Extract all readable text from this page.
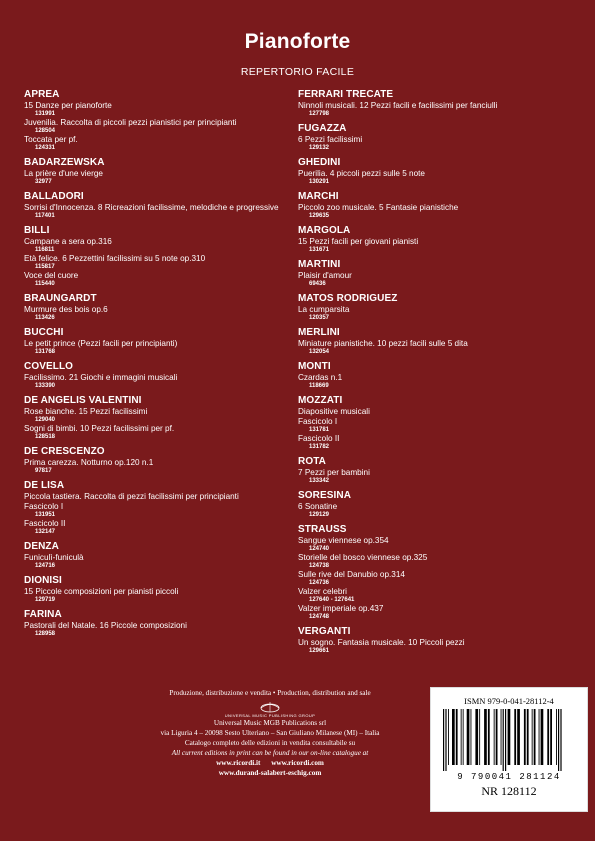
Pianoforte
REPERTORIO FACILE
APREA
15 Danze per pianoforte
131991
Juvenilia. Raccolta di piccoli pezzi pianistici per principianti
128504
Toccata per pf.
124331
BADARZEWSKA
La prière d'une vierge
32977
BALLADORI
Sorrisi d'Innocenza. 8 Ricreazioni facilissime, melodiche e progressive
117401
BILLI
Campane a sera op.316
116811
Età felice. 6 Pezzettini facilissimi su 5 note op.310
115817
Voce del cuore
115440
BRAUNGARDT
Murmure des bois op.6
113426
BUCCHI
Le petit prince (Pezzi facili per principianti)
131768
COVELLO
Facilissimo. 21 Giochi e immagini musicali
133390
DE ANGELIS VALENTINI
Rose bianche. 15 Pezzi facilissimi
129040
Sogni di bimbi. 10 Pezzi facilissimi per pf.
128518
DE CRESCENZO
Prima carezza. Notturno op.120 n.1
97817
DE LISA
Piccola tastiera. Raccolta di pezzi facilissimi per principianti
Fascicolo I
131951
Fascicolo II
132147
DENZA
Funiculì-funiculà
124716
DIONISI
15 Piccole composizioni per pianisti piccoli
129719
FARINA
Pastorali del Natale. 16 Piccole composizioni
128958
FERRARI TRECATE
Ninnoli musicali. 12 Pezzi facili e facilissimi per fanciulli
127798
FUGAZZA
6 Pezzi facilissimi
129132
GHEDINI
Puerilia. 4 piccoli pezzi sulle 5 note
130291
MARCHI
Piccolo zoo musicale. 5 Fantasie pianistiche
129635
MARGOLA
15 Pezzi facili per giovani pianisti
131671
MARTINI
Plaisir d'amour
69436
MATOS RODRIGUEZ
La cumparsita
120357
MERLINI
Miniature pianistiche. 10 pezzi facili sulle 5 dita
132054
MONTI
Czardas n.1
118669
MOZZATI
Diapositive musicali
Fascicolo I
131781
Fascicolo II
131782
ROTA
7 Pezzi per bambini
133342
SORESINA
6 Sonatine
129129
STRAUSS
Sangue viennese op.354
124740
Storielle del bosco viennese op.325
124738
Sulle rive del Danubio op.314
124736
Valzer celebri
127640 - 127641
Valzer imperiale op.437
124748
VERGANTI
Un sogno. Fantasia musicale. 10 Piccoli pezzi
129661
Produzione, distribuzione e vendita • Production, distribution and sale
UNIVERSAL MUSIC PUBLISHING GROUP
Universal Music MGB Publications srl
via Liguria 4 – 20098 Sesto Ulteriano – San Giuliano Milanese (MI) – Italia
Catalogo completo delle edizioni in vendita consultabile su
All current editions in print can be found in our on-line catalogue at
www.ricordi.it www.ricordi.com
www.durand-salabert-eschig.com
ISMN 979-0-041-28112-4
9 790041 281124
NR 128112
